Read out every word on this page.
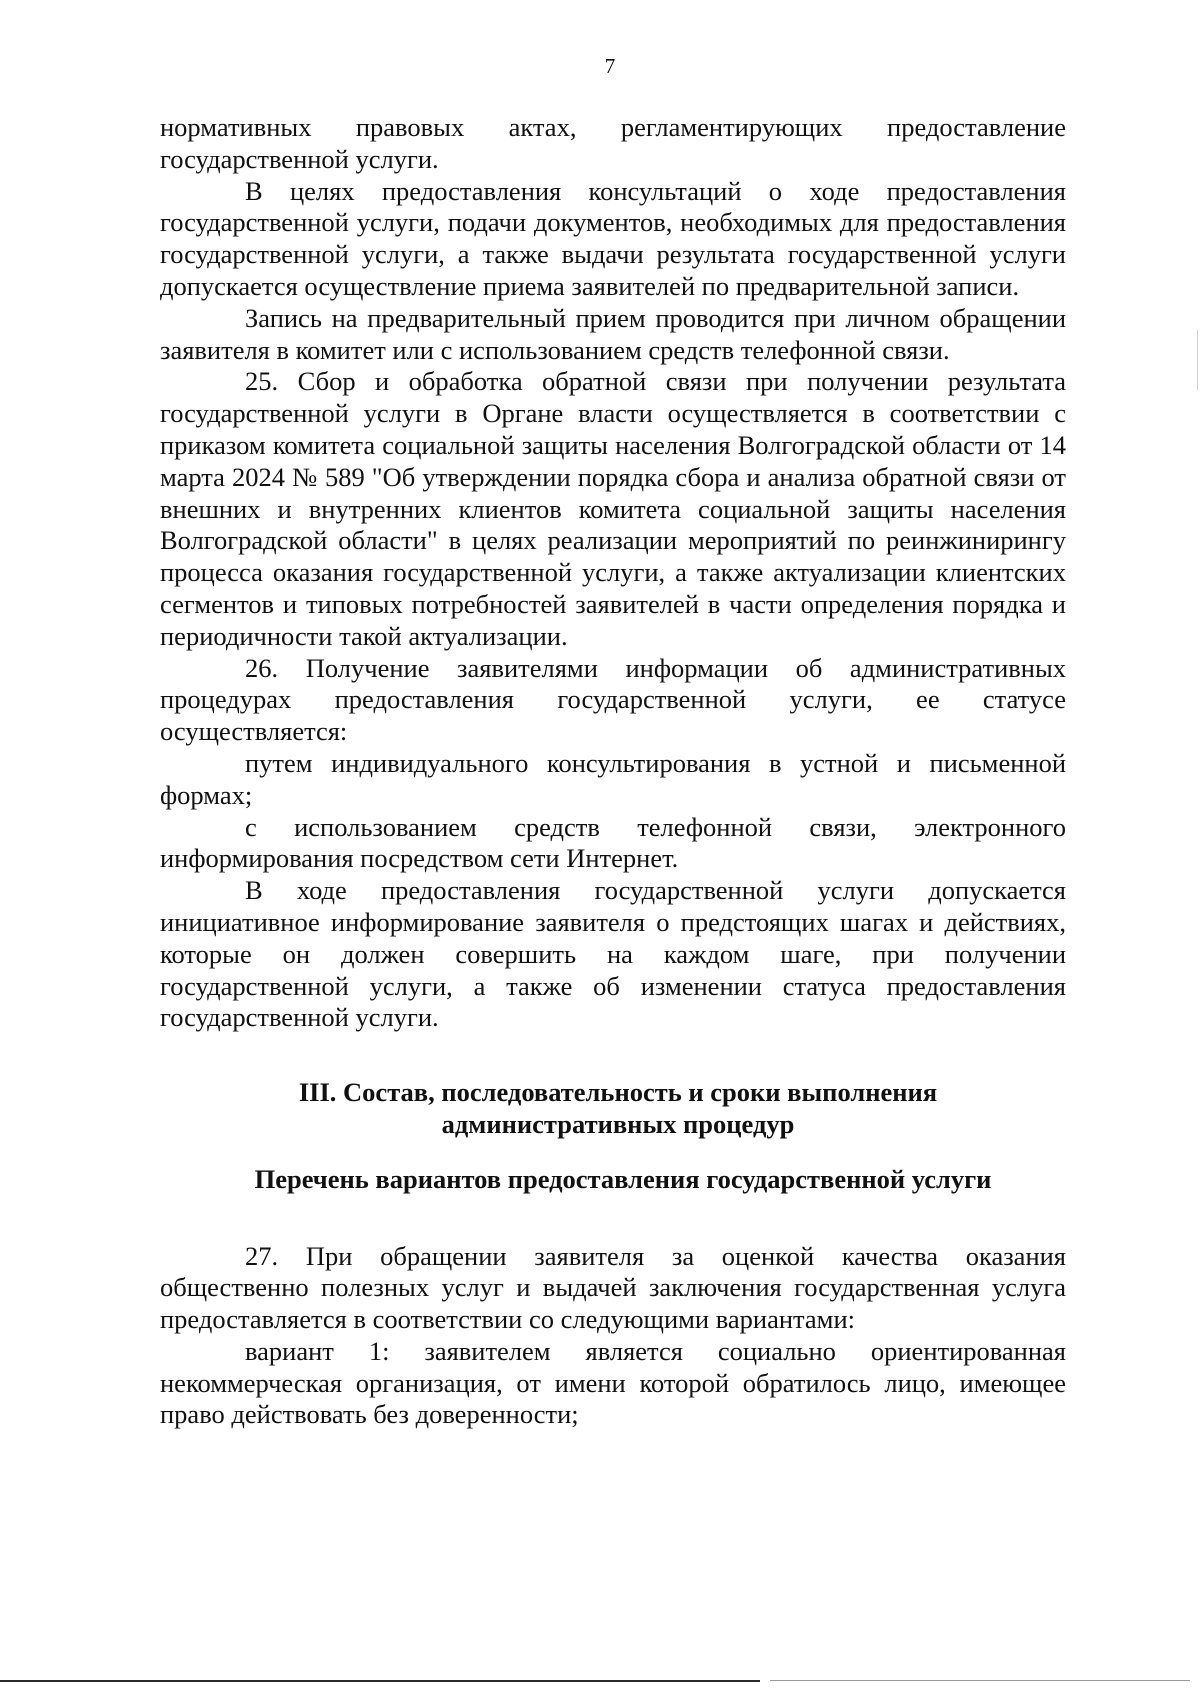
7

нормативных правовых актах, регламентирующих предоставление государственной услуги.

В целях предоставления консультаций о ходе предоставления государственной услуги, подачи документов, необходимых для предоставления государственной услуги, а также выдачи результата государственной услуги допускается осуществление приема заявителей по предварительной записи.

Запись на предварительный прием проводится при личном обращении заявителя в комитет или с использованием средств телефонной связи.

25. Сбор и обработка обратной связи при получении результата государственной услуги в Органе власти осуществляется в соответствии с приказом комитета социальной защиты населения Волгоградской области от 14 марта 2024 № 589 "Об утверждении порядка сбора и анализа обратной связи от внешних и внутренних клиентов комитета социальной защиты населения Волгоградской области" в целях реализации мероприятий по реинжинирингу процесса оказания государственной услуги, а также актуализации клиентских сегментов и типовых потребностей заявителей в части определения порядка и периодичности такой актуализации.

26. Получение заявителями информации об административных процедурах предоставления государственной услуги, ее статусе осуществляется:

путем индивидуального консультирования в устной и письменной формах;

с использованием средств телефонной связи, электронного информирования посредством сети Интернет.

В ходе предоставления государственной услуги допускается инициативное информирование заявителя о предстоящих шагах и действиях, которые он должен совершить на каждом шаге, при получении государственной услуги, а также об изменении статуса предоставления государственной услуги.

III. Состав, последовательность и сроки выполнения
административных процедур
Перечень вариантов предоставления государственной услуги

27. При обращении заявителя за оценкой качества оказания общественно полезных услуг и выдачей заключения государственная услуга предоставляется в соответствии со следующими вариантами:

вариант 1: заявителем является социально ориентированная некоммерческая организация, от имени которой обратилось лицо, имеющее право действовать без доверенности;
